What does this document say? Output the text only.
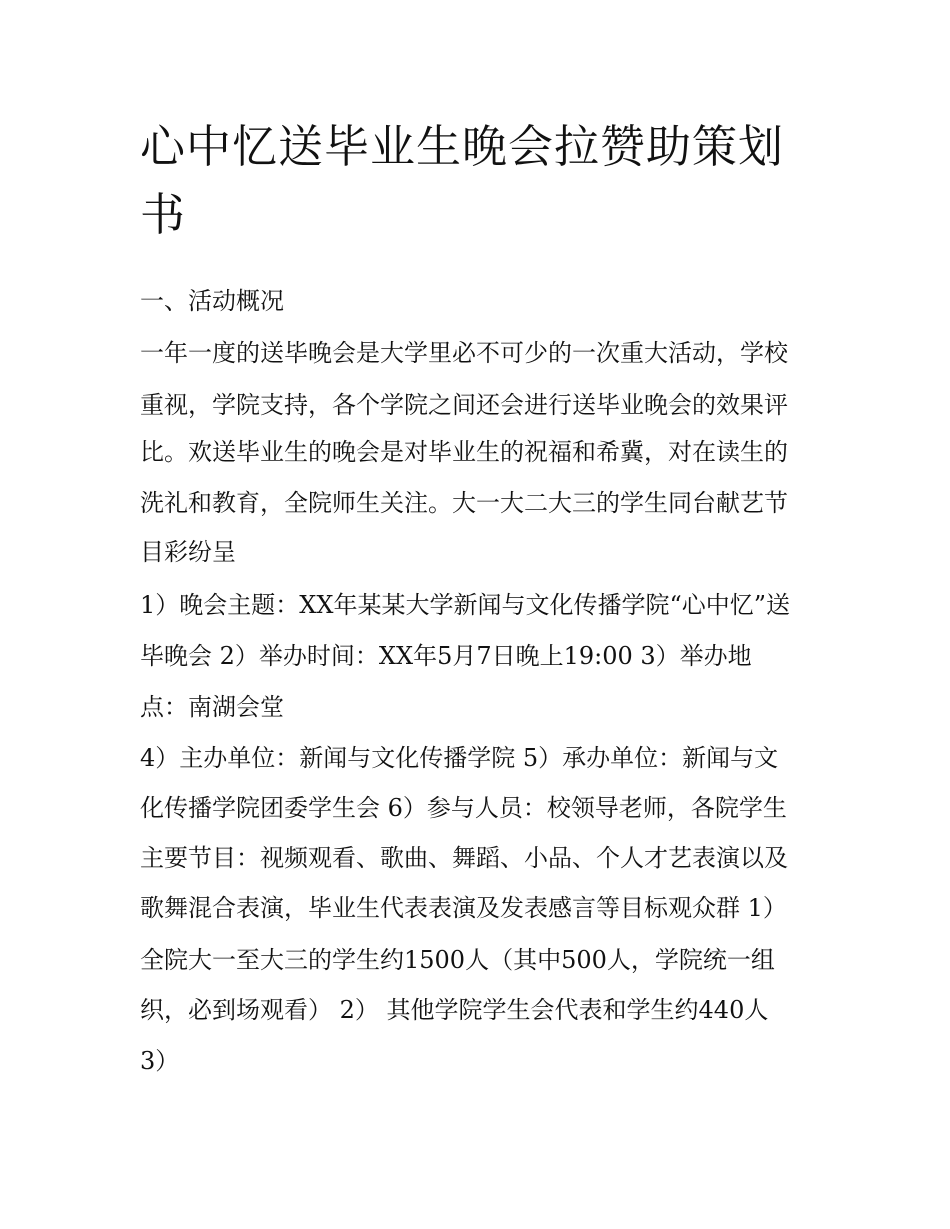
心中忆送毕业生晚会拉赞助策划书

一、活动概况

一年一度的送毕晚会是大学里必不可少的一次重大活动，学校

重视，学院支持，各个学院之间还会进行送毕业晚会的效果评

比。欢送毕业生的晚会是对毕业生的祝福和希冀，对在读生的

洗礼和教育，全院师生关注。大一大二大三的学生同台献艺节

目彩纷呈

1）晚会主题：XX年某某大学新闻与文化传播学院“心中忆”送

毕晚会 2）举办时间：XX年5月7日晚上19:00 3）举办地

点：南湖会堂

4）主办单位：新闻与文化传播学院 5）承办单位：新闻与文

化传播学院团委学生会 6）参与人员：校领导老师，各院学生

主要节目：视频观看、歌曲、舞蹈、小品、个人才艺表演以及

歌舞混合表演，毕业生代表表演及发表感言等目标观众群 1）

全院大一至大三的学生约1500人（其中500人，学院统一组

织，必到场观看） 2） 其他学院学生会代表和学生约440人

3）
